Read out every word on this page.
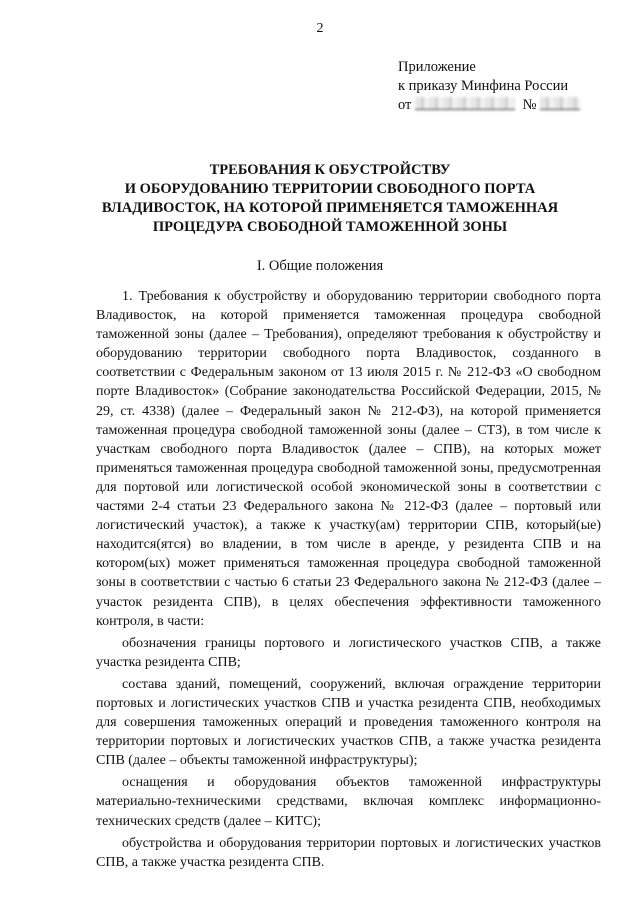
2
Приложение
к приказу Минфина России
от	№
ТРЕБОВАНИЯ К ОБУСТРОЙСТВУ
И ОБОРУДОВАНИЮ ТЕРРИТОРИИ СВОБОДНОГО ПОРТА
ВЛАДИВОСТОК, НА КОТОРОЙ ПРИМЕНЯЕТСЯ ТАМОЖЕННАЯ
ПРОЦЕДУРА СВОБОДНОЙ ТАМОЖЕННОЙ ЗОНЫ
I. Общие положения

1. Требования к обустройству и оборудованию территории свободного порта Владивосток, на которой применяется таможенная процедура свободной таможенной зоны (далее – Требования), определяют требования к обустройству и оборудованию территории свободного порта Владивосток, созданного в соответствии с Федеральным законом от 13 июля 2015 г. № 212-ФЗ «О свободном порте Владивосток» (Собрание законодательства Российской Федерации, 2015, № 29, ст. 4338) (далее – Федеральный закон № 212-ФЗ), на которой применяется таможенная процедура свободной таможенной зоны (далее – СТЗ), в том числе к участкам свободного порта Владивосток (далее – СПВ), на которых может применяться таможенная процедура свободной таможенной зоны, предусмотренная для портовой или логистической особой экономической зоны в соответствии с частями 2-4 статьи 23 Федерального закона № 212-ФЗ (далее – портовый или логистический участок), а также к участку(ам) территории СПВ, который(ые) находится(ятся) во владении, в том числе в аренде, у резидента СПВ и на котором(ых) может применяться таможенная процедура свободной таможенной зоны в соответствии с частью 6 статьи 23 Федерального закона № 212-ФЗ (далее – участок резидента СПВ), в целях обеспечения эффективности таможенного контроля, в части:

обозначения границы портового и логистического участков СПВ, а также участка резидента СПВ;

состава зданий, помещений, сооружений, включая ограждение территории портовых и логистических участков СПВ и участка резидента СПВ, необходимых для совершения таможенных операций и проведения таможенного контроля на территории портовых и логистических участков СПВ, а также участка резидента СПВ (далее – объекты таможенной инфраструктуры);

оснащения и оборудования объектов таможенной инфраструктуры материально-техническими средствами, включая комплекс информационно-технических средств (далее – КИТС);

обустройства и оборудования территории портовых и логистических участков СПВ, а также участка резидента СПВ.
